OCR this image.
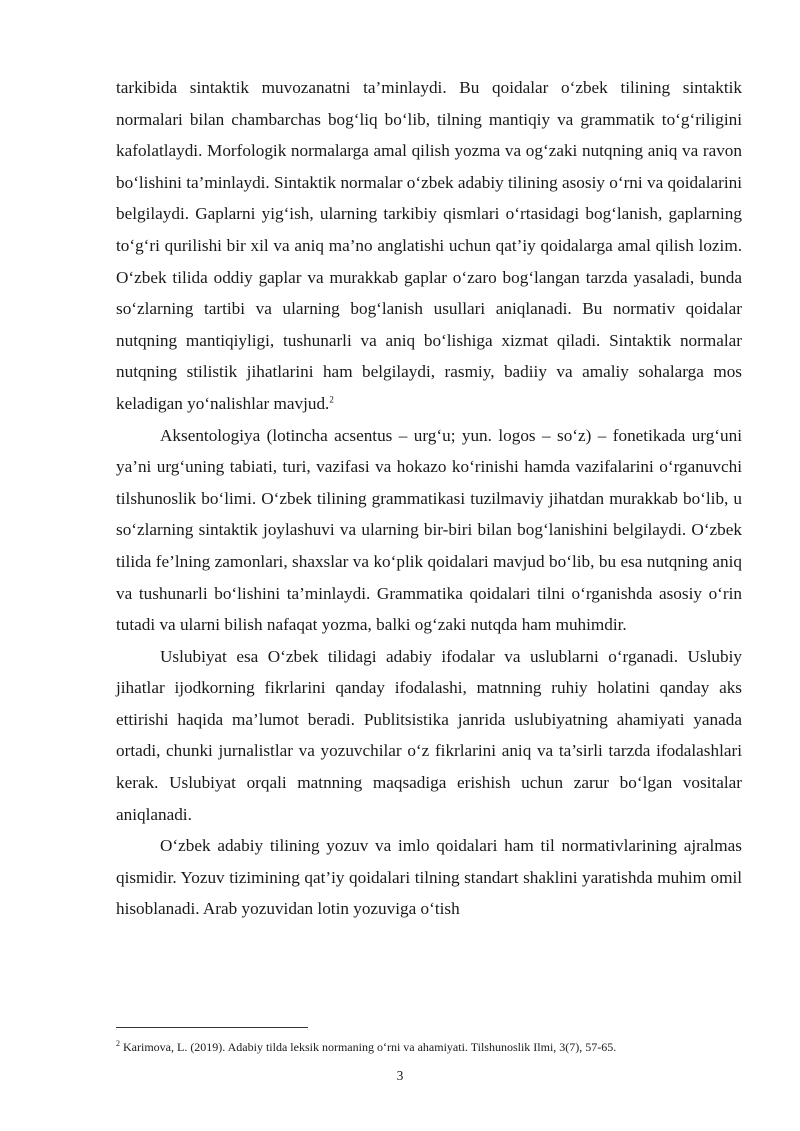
tarkibida sintaktik muvozanatni ta’minlaydi. Bu qoidalar o‘zbek tilining sintaktik normalari bilan chambarchas bog‘liq bo‘lib, tilning mantiqiy va grammatik to‘g‘riligini kafolatlaydi. Morfologik normalarga amal qilish yozma va og‘zaki nutqning aniq va ravon bo‘lishini ta’minlaydi. Sintaktik normalar o‘zbek adabiy tilining asosiy o‘rni va qoidalarini belgilaydi. Gaplarni yig‘ish, ularning tarkibiy qismlari o‘rtasidagi bog‘lanish, gaplarning to‘g‘ri qurilishi bir xil va aniq ma’no anglatishi uchun qat’iy qoidalarga amal qilish lozim. O‘zbek tilida oddiy gaplar va murakkab gaplar o‘zaro bog‘langan tarzda yasaladi, bunda so‘zlarning tartibi va ularning bog‘lanish usullari aniqlanadi. Bu normativ qoidalar nutqning mantiqiyligi, tushunarli va aniq bo‘lishiga xizmat qiladi. Sintaktik normalar nutqning stilistik jihatlarini ham belgilaydi, rasmiy, badiiy va amaliy sohalarga mos keladigan yo‘nalishlar mavjud.$^2$

Aksentologiya (lotincha acsentus – urg‘u; yun. logos – so‘z) – fonetikada urg‘uni ya’ni urg‘uning tabiati, turi, vazifasi va hokazo ko‘rinishi hamda vazifalarini o‘rganuvchi tilshunoslik bo‘limi. O‘zbek tilining grammatikasi tuzilmaviy jihatdan murakkab bo‘lib, u so‘zlarning sintaktik joylashuvi va ularning bir-biri bilan bog‘lanishini belgilaydi. O‘zbek tilida fe’lning zamonlari, shaxslar va ko‘plik qoidalari mavjud bo‘lib, bu esa nutqning aniq va tushunarli bo‘lishini ta’minlaydi. Grammatika qoidalari tilni o‘rganishda asosiy o‘rin tutadi va ularni bilish nafaqat yozma, balki og‘zaki nutqda ham muhimdir.

Uslubiyat esa O‘zbek tilidagi adabiy ifodalar va uslublarni o‘rganadi. Uslubiy jihatlar ijodkorning fikrlarini qanday ifodalashi, matnning ruhiy holatini qanday aks ettirishi haqida ma’lumot beradi. Publitsistika janrida uslubiyatning ahamiyati yanada ortadi, chunki jurnalistlar va yozuvchilar o‘z fikrlarini aniq va ta’sirli tarzda ifodalashlari kerak. Uslubiyat orqali matnning maqsadiga erishish uchun zarur bo‘lgan vositalar aniqlanadi.

O‘zbek adabiy tilining yozuv va imlo qoidalari ham til normativlarining ajralmas qismidir. Yozuv tizimining qat’iy qoidalari tilning standart shaklini yaratishda muhim omil hisoblanadi. Arab yozuvidan lotin yozuviga o‘tish

$^2$ Karimova, L. (2019). Adabiy tilda leksik normaning o‘rni va ahamiyati. Tilshunoslik Ilmi, 3(7), 57-65.
3
